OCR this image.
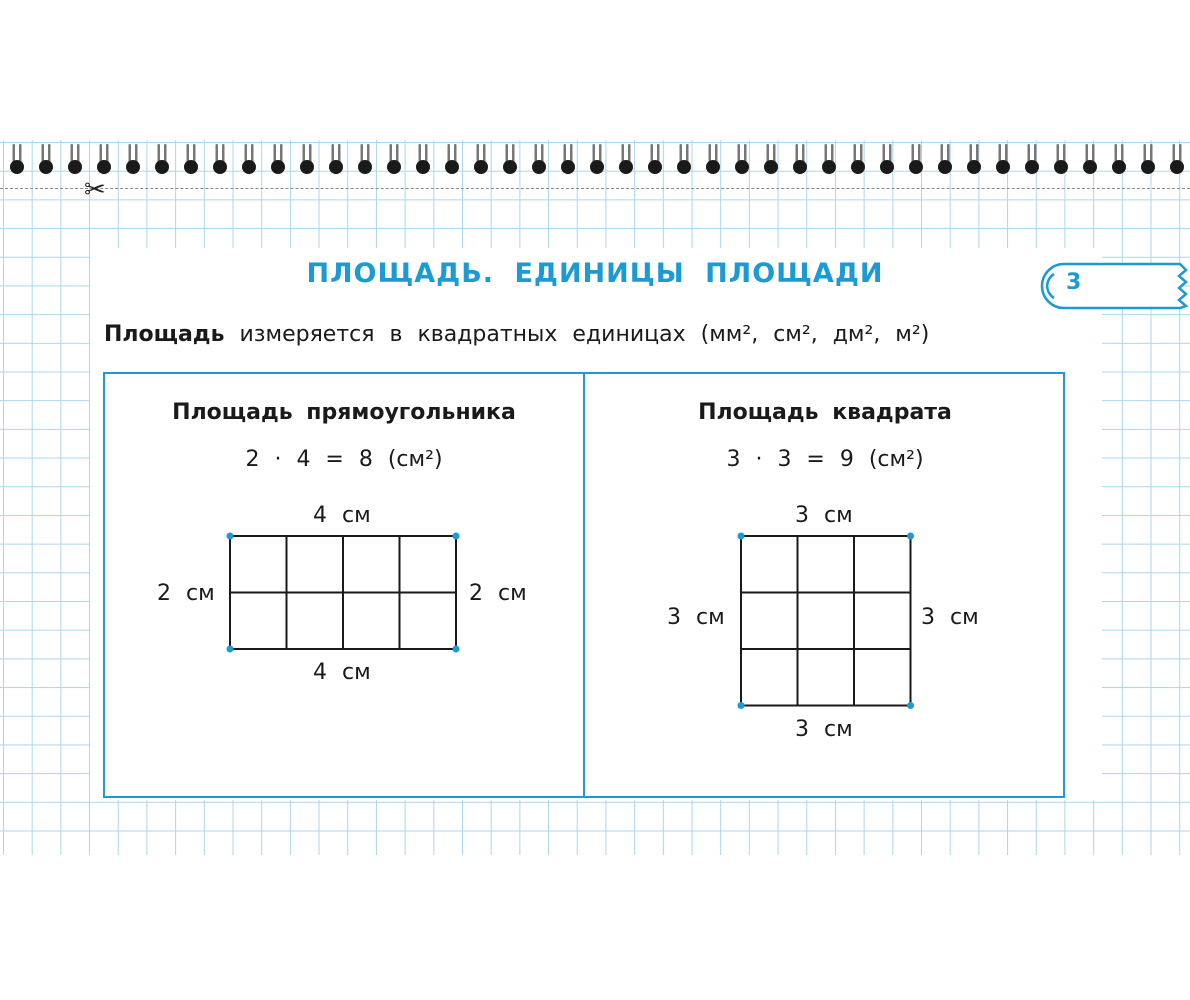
✂
ПЛОЩАДЬ. ЕДИНИЦЫ ПЛОЩАДИ	3
Площадь измеряется в квадратных единицах (мм², см², дм², м²)
Площадь прямоугольника
2 · 4 = 8 (см²)
4 см
4 см
2 см	2 см
Площадь квадрата
3 · 3 = 9 (см²)
3 см
3 см
3 см	3 см
